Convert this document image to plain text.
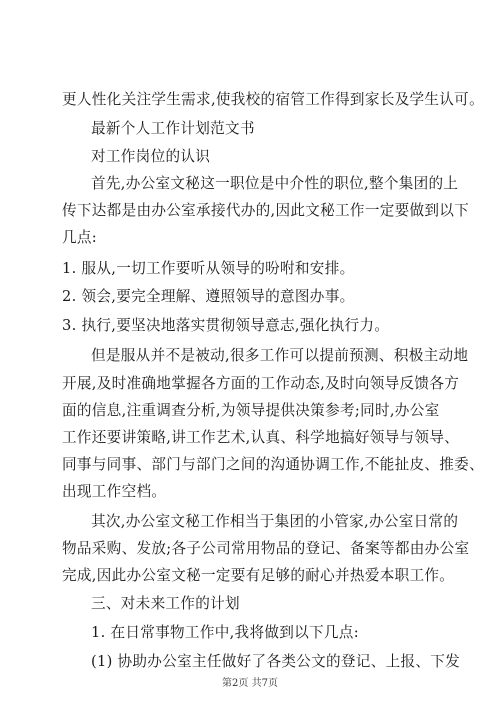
更人性化关注学生需求,使我校的宿管工作得到家长及学生认可。
最新个人工作计划范文书
对工作岗位的认识
首先,办公室文秘这一职位是中介性的职位,整个集团的上
传下达都是由办公室承接代办的,因此文秘工作一定要做到以下
几点:
1. 服从,一切工作要听从领导的吩咐和安排。
2. 领会,要完全理解、遵照领导的意图办事。
3. 执行,要坚决地落实贯彻领导意志,强化执行力。
但是服从并不是被动,很多工作可以提前预测、积极主动地
开展,及时准确地掌握各方面的工作动态,及时向领导反馈各方
面的信息,注重调查分析,为领导提供决策参考;同时,办公室
工作还要讲策略,讲工作艺术,认真、科学地搞好领导与领导、
同事与同事、部门与部门之间的沟通协调工作,不能扯皮、推委、
出现工作空档。
其次,办公室文秘工作相当于集团的小管家,办公室日常的
物品采购、发放;各子公司常用物品的登记、备案等都由办公室
完成,因此办公室文秘一定要有足够的耐心并热爱本职工作。
三、对未来工作的计划
1. 在日常事物工作中,我将做到以下几点:
(1) 协助办公室主任做好了各类公文的登记、上报、下发
第2页 共7页
